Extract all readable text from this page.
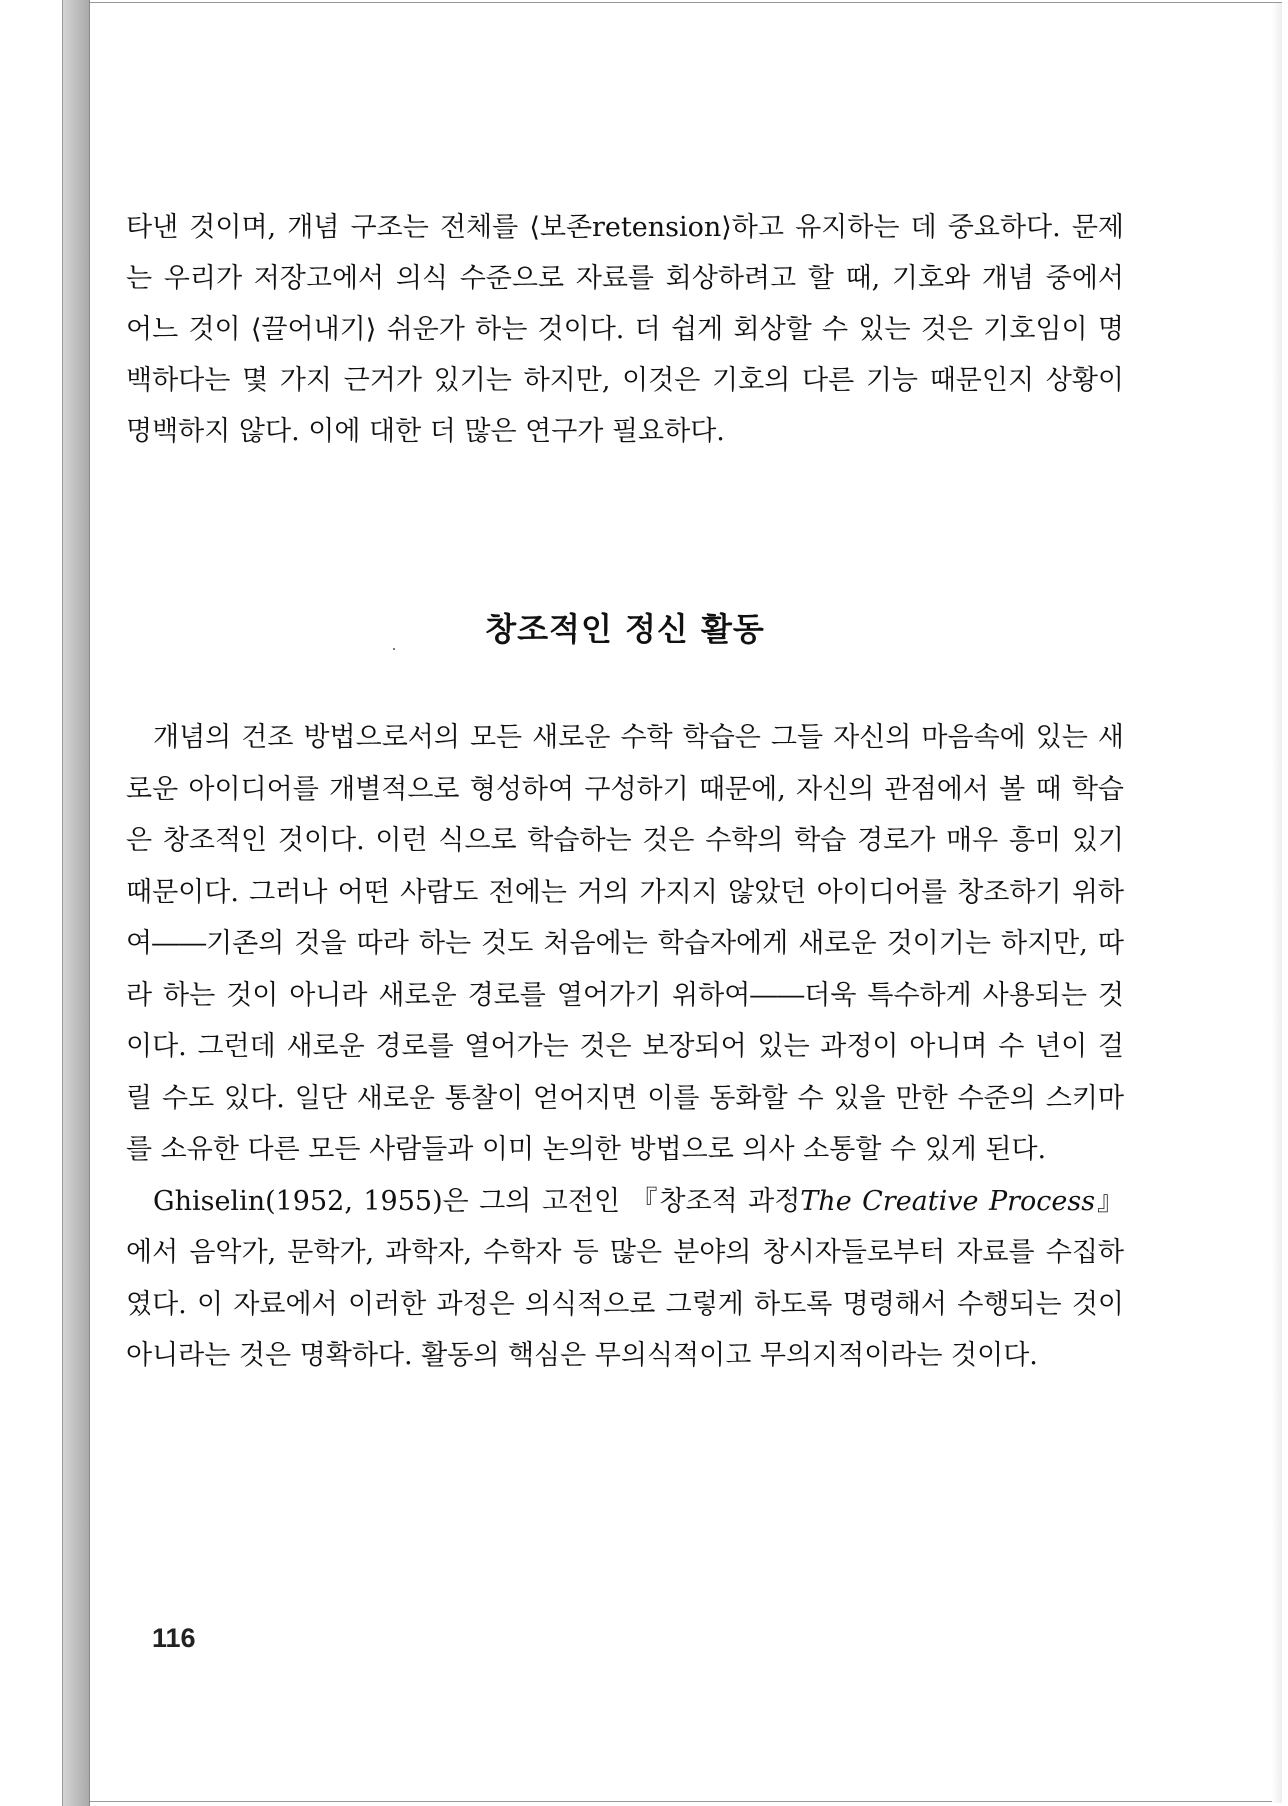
타낸 것이며, 개념 구조는 전체를 ⟨보존retension⟩하고 유지하는 데 중요하다. 문제는 우리가 저장고에서 의식 수준으로 자료를 회상하려고 할 때, 기호와 개념 중에서 어느 것이 ⟨끌어내기⟩ 쉬운가 하는 것이다. 더 쉽게 회상할 수 있는 것은 기호임이 명백하다는 몇 가지 근거가 있기는 하지만, 이것은 기호의 다른 기능 때문인지 상황이 명백하지 않다. 이에 대한 더 많은 연구가 필요하다.

창조적인 정신 활동

개념의 건조 방법으로서의 모든 새로운 수학 학습은 그들 자신의 마음속에 있는 새로운 아이디어를 개별적으로 형성하여 구성하기 때문에, 자신의 관점에서 볼 때 학습은 창조적인 것이다. 이런 식으로 학습하는 것은 수학의 학습 경로가 매우 흥미 있기 때문이다. 그러나 어떤 사람도 전에는 거의 가지지 않았던 아이디어를 창조하기 위하여――기존의 것을 따라 하는 것도 처음에는 학습자에게 새로운 것이기는 하지만, 따라 하는 것이 아니라 새로운 경로를 열어가기 위하여――더욱 특수하게 사용되는 것이다. 그런데 새로운 경로를 열어가는 것은 보장되어 있는 과정이 아니며 수 년이 걸릴 수도 있다. 일단 새로운 통찰이 얻어지면 이를 동화할 수 있을 만한 수준의 스키마를 소유한 다른 모든 사람들과 이미 논의한 방법으로 의사 소통할 수 있게 된다.

Ghiselin(1952, 1955)은 그의 고전인 『창조적 과정The Creative Process』에서 음악가, 문학가, 과학자, 수학자 등 많은 분야의 창시자들로부터 자료를 수집하였다. 이 자료에서 이러한 과정은 의식적으로 그렇게 하도록 명령해서 수행되는 것이 아니라는 것은 명확하다. 활동의 핵심은 무의식적이고 무의지적이라는 것이다.

116
